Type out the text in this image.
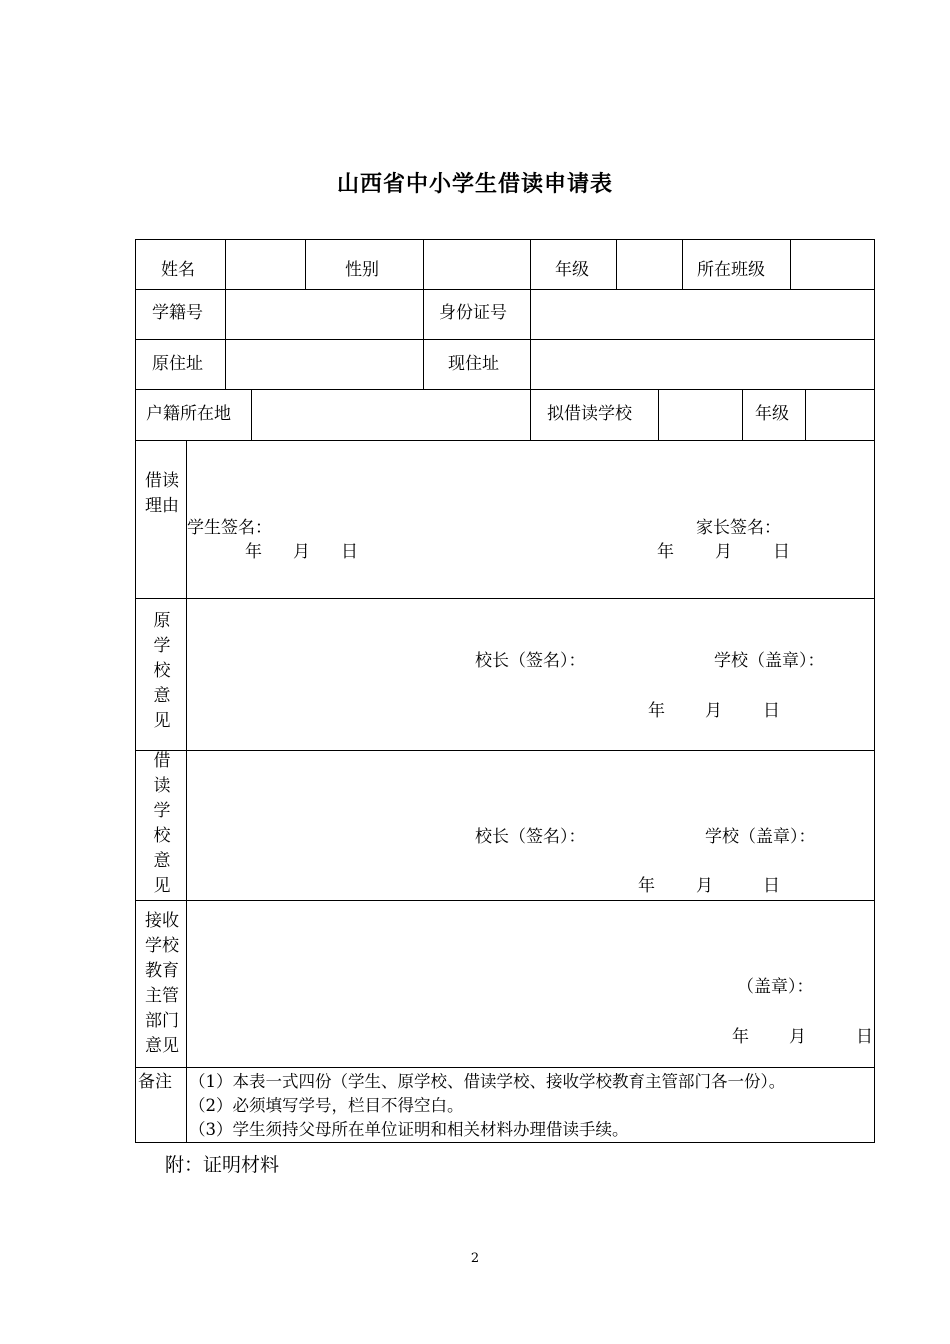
山西省中小学生借读申请表
姓名	性别	年级	所在班级
学籍号	身份证号
原住址	现住址
户籍所在地	拟借读学校	年级
借读理由
学生签名：	家长签名：
年 月 日	年 月 日
原学校意见
校长（签名）：	学校（盖章）：
年 月 日
借读学校意见
校长（签名）：	学校（盖章）：
年 月	日
接收学校教育主管部门意见
（盖章）：
年 月	日
备注 （1）本表一式四份（学生、原学校、借读学校、接收学校教育主管部门各一份）。
（2）必须填写学号，栏目不得空白。
（3）学生须持父母所在单位证明和相关材料办理借读手续。
附：证明材料
2
